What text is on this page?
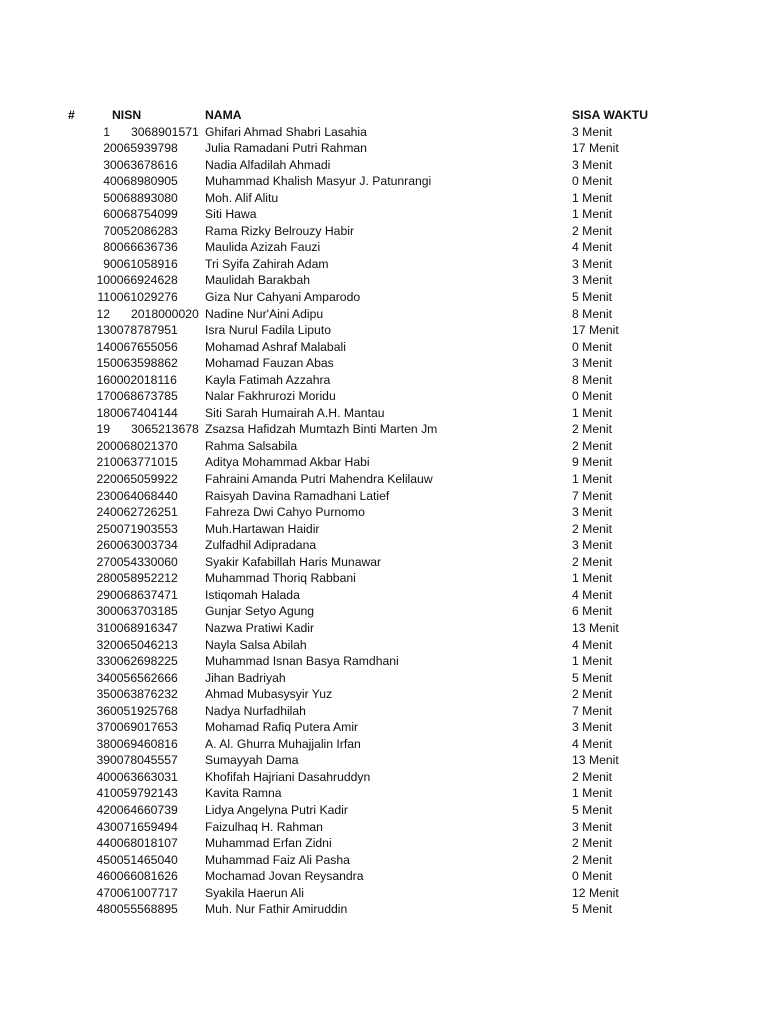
#	NISN	NAMA	SISA WAKTU
1 3068901571 Ghifari Ahmad Shabri Lasahia	3 Menit
2 0065939798 Julia Ramadani Putri Rahman	17 Menit
3 0063678616 Nadia Alfadilah Ahmadi	3 Menit
4 0068980905 Muhammad Khalish Masyur J. Patunrangi	0 Menit
5 0068893080 Moh. Alif Alitu	1 Menit
6 0068754099 Siti Hawa	1 Menit
7 0052086283 Rama Rizky Belrouzy Habir	2 Menit
8 0066636736 Maulida Azizah Fauzi	4 Menit
9 0061058916 Tri Syifa Zahirah Adam	3 Menit
10 0066924628 Maulidah Barakbah	3 Menit
11 0061029276 Giza Nur Cahyani Amparodo	5 Menit
12 2018000020 Nadine Nur'Aini Adipu	8 Menit
13 0078787951 Isra Nurul Fadila Liputo	17 Menit
14 0067655056 Mohamad Ashraf Malabali	0 Menit
15 0063598862 Mohamad Fauzan Abas	3 Menit
16 0002018116 Kayla Fatimah Azzahra	8 Menit
17 0068673785 Nalar Fakhrurozi Moridu	0 Menit
18 0067404144 Siti Sarah Humairah A.H. Mantau	1 Menit
19 3065213678 Zsazsa Hafidzah Mumtazh Binti Marten Jm	2 Menit
20 0068021370 Rahma Salsabila	2 Menit
21 0063771015 Aditya Mohammad Akbar Habi	9 Menit
22 0065059922 Fahraini Amanda Putri Mahendra Kelilauw	1 Menit
23 0064068440 Raisyah Davina Ramadhani Latief	7 Menit
24 0062726251 Fahreza Dwi Cahyo Purnomo	3 Menit
25 0071903553 Muh.Hartawan Haidir	2 Menit
26 0063003734 Zulfadhil Adipradana	3 Menit
27 0054330060 Syakir Kafabillah Haris Munawar	2 Menit
28 0058952212 Muhammad Thoriq Rabbani	1 Menit
29 0068637471 Istiqomah Halada	4 Menit
30 0063703185 Gunjar Setyo Agung	6 Menit
31 0068916347 Nazwa Pratiwi Kadir	13 Menit
32 0065046213 Nayla Salsa Abilah	4 Menit
33 0062698225 Muhammad Isnan Basya Ramdhani	1 Menit
34 0056562666 Jihan Badriyah	5 Menit
35 0063876232 Ahmad Mubasysyir Yuz	2 Menit
36 0051925768 Nadya Nurfadhilah	7 Menit
37 0069017653 Mohamad Rafiq Putera Amir	3 Menit
38 0069460816 A. Al. Ghurra Muhajjalin Irfan	4 Menit
39 0078045557 Sumayyah Dama	13 Menit
40 0063663031 Khofifah Hajriani Dasahruddyn	2 Menit
41 0059792143 Kavita Ramna	1 Menit
42 0064660739 Lidya Angelyna Putri Kadir	5 Menit
43 0071659494 Faizulhaq H. Rahman	3 Menit
44 0068018107 Muhammad Erfan Zidni	2 Menit
45 0051465040 Muhammad Faiz Ali Pasha	2 Menit
46 0066081626 Mochamad Jovan Reysandra	0 Menit
47 0061007717 Syakila Haerun Ali	12 Menit
48 0055568895 Muh. Nur Fathir Amiruddin	5 Menit
